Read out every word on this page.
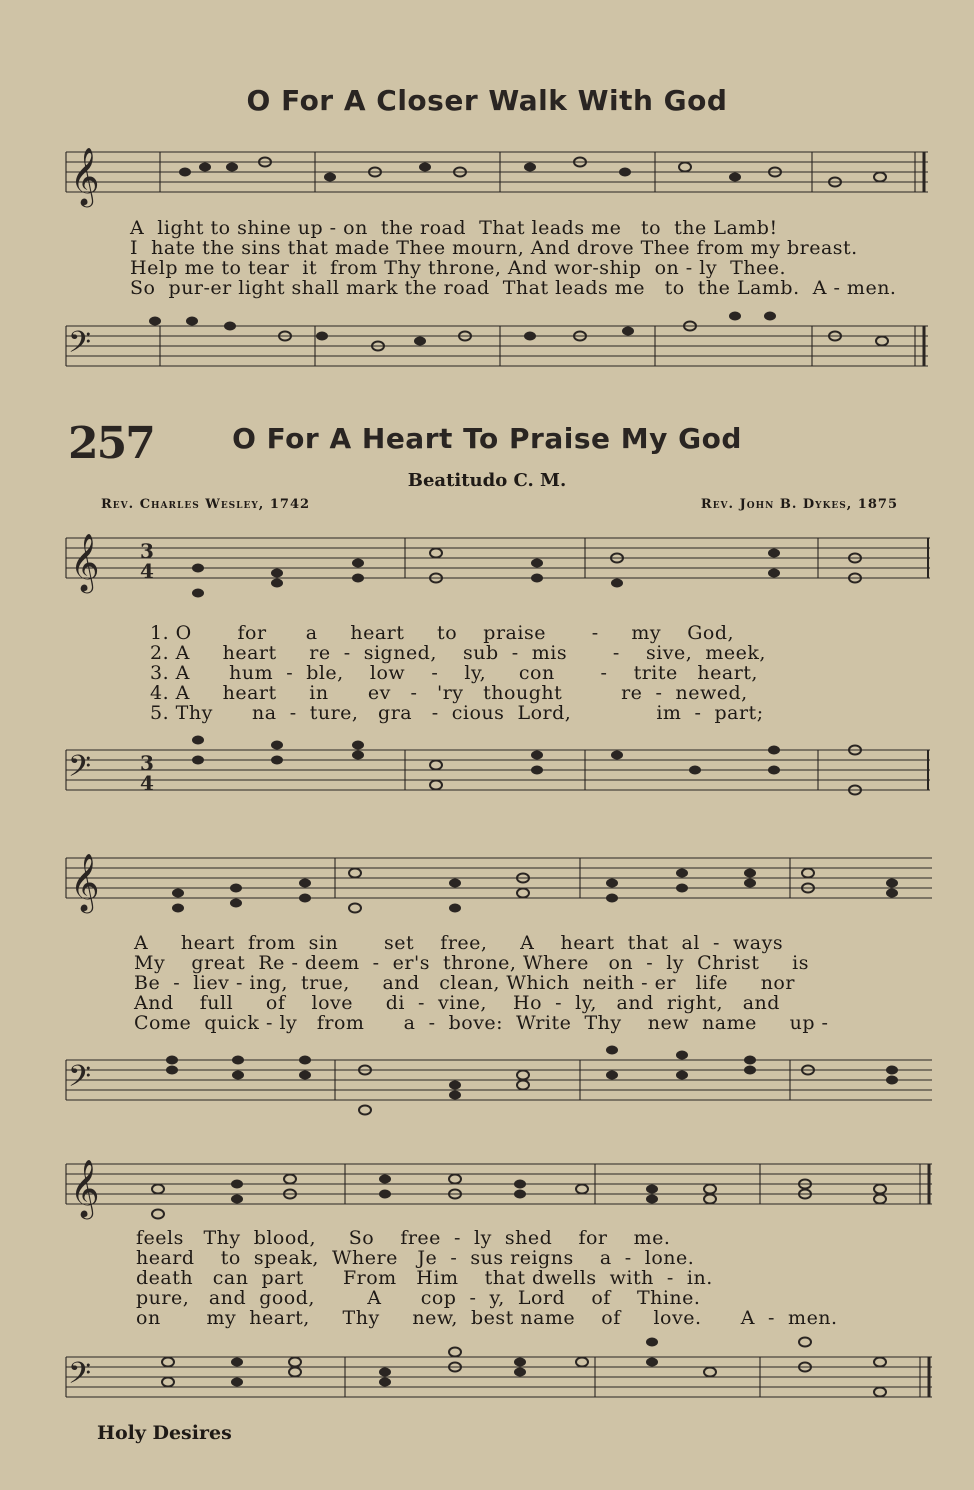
O For A Closer Walk With God
𝄞
A  light to shine up - on  the road  That leads me   to  the Lamb!
I  hate the sins that made Thee mourn, And drove Thee from my breast.
Help me to tear  it  from Thy throne, And wor-ship  on - ly  Thee.
So  pur-er light shall mark the road  That leads me   to  the Lamb.  A - men.
𝄢
257	O For A Heart To Praise My God
Beatitudo C. M.
Rev. Charles Wesley, 1742	Rev. John B. Dykes, 1875
𝄞 3
4
1. O       for      a     heart     to    praise       -     my    God,
2. A     heart     re  -  signed,    sub  -  mis       -    sive,  meek,
3. A      hum  -  ble,    low    -    ly,     con       -    trite   heart,
4. A     heart     in      ev   -   'ry   thought         re  -  newed,
5. Thy      na  -  ture,   gra   -  cious  Lord,             im  -  part;
𝄢 3
4
𝄞
A     heart  from  sin       set    free,     A    heart  that  al  -  ways
My    great  Re - deem  -  er's  throne, Where   on  -  ly  Christ     is
Be  -  liev - ing,  true,     and   clean, Which  neith - er   life     nor
And    full     of    love     di  -  vine,    Ho  -  ly,   and  right,   and
Come  quick - ly   from      a  -  bove:  Write  Thy    new  name     up -
𝄢
𝄞
feels   Thy  blood,     So    free  -  ly  shed    for    me.
heard    to  speak,  Where   Je  -  sus reigns    a  -  lone.
death   can  part      From   Him    that dwells  with  -  in.
pure,   and  good,        A      cop  -  y,  Lord    of    Thine.
on       my  heart,     Thy     new,  best name    of     love.      A  -  men.
𝄢
Holy Desires
